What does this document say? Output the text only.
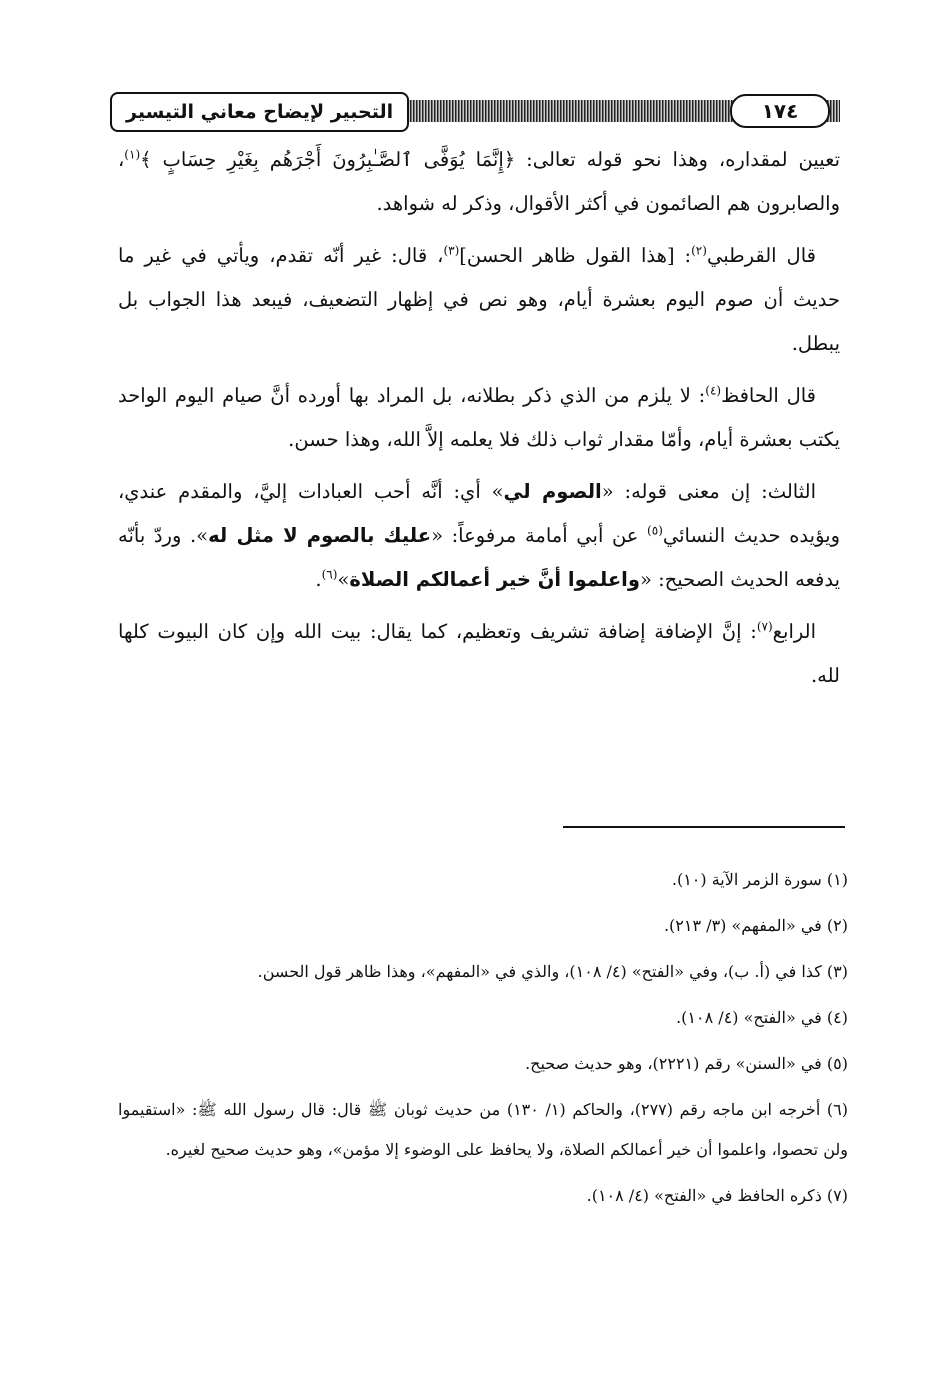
التحبير لإيضاح معاني التيسير	١٧٤

تعيين لمقداره، وهذا نحو قوله تعالى: ﴿إِنَّمَا يُوَفَّى ٱلصَّـٰبِرُونَ أَجْرَهُم بِغَيْرِ حِسَابٍ ﴾$^{(١)}$، والصابرون هم الصائمون في أكثر الأقوال، وذكر له شواهد.

قال القرطبي$^{(٢)}$: [هذا القول ظاهر الحسن]$^{(٣)}$، قال: غير أنّه تقدم، ويأتي في غير ما حديث أن صوم اليوم بعشرة أيام، وهو نص في إظهار التضعيف، فيبعد هذا الجواب بل يبطل.

قال الحافظ$^{(٤)}$: لا يلزم من الذي ذكر بطلانه، بل المراد بها أورده أنَّ صيام اليوم الواحد يكتب بعشرة أيام، وأمّا مقدار ثواب ذلك فلا يعلمه إلاَّ الله، وهذا حسن.

الثالث: إن معنى قوله: «الصوم لي» أي: أنَّه أحب العبادات إليَّ، والمقدم عندي، ويؤيده حديث النسائي$^{(٥)}$ عن أبي أمامة مرفوعاً: «عليك بالصوم لا مثل له». وردّ بأنّه يدفعه الحديث الصحيح: «واعلموا أنَّ خير أعمالكم الصلاة»$^{(٦)}$.

الرابع$^{(٧)}$: إنَّ الإضافة إضافة تشريف وتعظيم، كما يقال: بيت الله وإن كان البيوت كلها لله.

(١) سورة الزمر الآية (١٠).

(٢) في «المفهم» (٣/ ٢١٣).

(٣) كذا في (أ. ب)، وفي «الفتح» (٤/ ١٠٨)، والذي في «المفهم»، وهذا ظاهر قول الحسن.

(٤) في «الفتح» (٤/ ١٠٨).

(٥) في «السنن» رقم (٢٢٢١)، وهو حديث صحيح.

(٦) أخرجه ابن ماجه رقم (٢٧٧)، والحاكم (١/ ١٣٠) من حديث ثوبان ﷺ قال: قال رسول الله ﷺ: «استقيموا ولن تحصوا، واعلموا أن خير أعمالكم الصلاة، ولا يحافظ على الوضوء إلا مؤمن»، وهو حديث صحيح لغيره.

(٧) ذكره الحافظ في «الفتح» (٤/ ١٠٨).
